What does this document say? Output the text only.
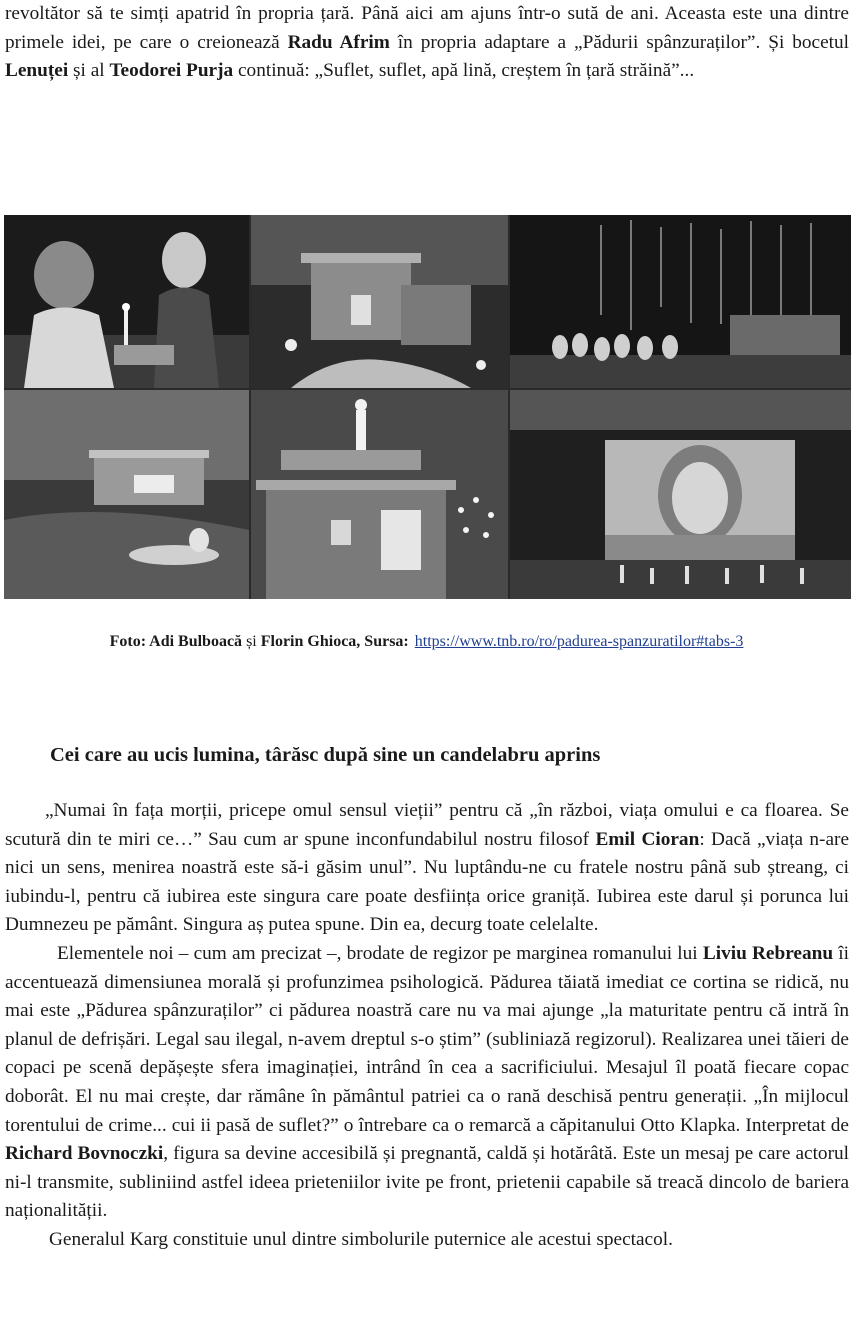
revoltător să te simți apatrid în propria țară. Până aici am ajuns într-o sută de ani. Aceasta este una dintre primele idei, pe care o creionează Radu Afrim în propria adaptare a „Pădurii spânzuraților”. Și bocetul Lenuței și al Teodorei Purja continuă: „Suflet, suflet, apă lină, creștem în țară străină”...

Foto: Adi Bulboacă și Florin Ghioca, Sursa: https://www.tnb.ro/ro/padurea-spanzuratilor#tabs-3

Cei care au ucis lumina, târăsc după sine un candelabru aprins

„Numai în fața morții, pricepe omul sensul vieții” pentru că „în război, viața omului e ca floarea. Se scutură din te miri ce…” Sau cum ar spune inconfundabilul nostru filosof Emil Cioran: Dacă „viața n-are nici un sens, menirea noastră este să-i găsim unul”. Nu luptându-ne cu fratele nostru până sub ștreang, ci iubindu-l, pentru că iubirea este singura care poate desființa orice graniță. Iubirea este darul și porunca lui Dumnezeu pe pământ. Singura aș putea spune. Din ea, decurg toate celelalte.
Elementele noi – cum am precizat –, brodate de regizor pe marginea romanului lui Liviu Rebreanu îi accentuează dimensiunea morală și profunzimea psihologică. Pădurea tăiată imediat ce cortina se ridică, nu mai este „Pădurea spânzuraților” ci pădurea noastră care nu va mai ajunge „la maturitate pentru că intră în planul de defrișări. Legal sau ilegal, n-avem dreptul s-o știm” (subliniază regizorul). Realizarea unei tăieri de copaci pe scenă depășește sfera imaginației, intrând în cea a sacrificiului. Mesajul îl poată fiecare copac doborât. El nu mai crește, dar rămâne în pământul patriei ca o rană deschisă pentru generații. „În mijlocul torentului de crime... cui ii pasă de suflet?” o întrebare ca o remarcă a căpitanului Otto Klapka. Interpretat de Richard Bovnoczki, figura sa devine accesibilă și pregnantă, caldă și hotărâtă. Este un mesaj pe care actorul ni-l transmite, subliniind astfel ideea prieteniilor ivite pe front, prietenii capabile să treacă dincolo de bariera naționalității.
Generalul Karg constituie unul dintre simbolurile puternice ale acestui spectacol.
